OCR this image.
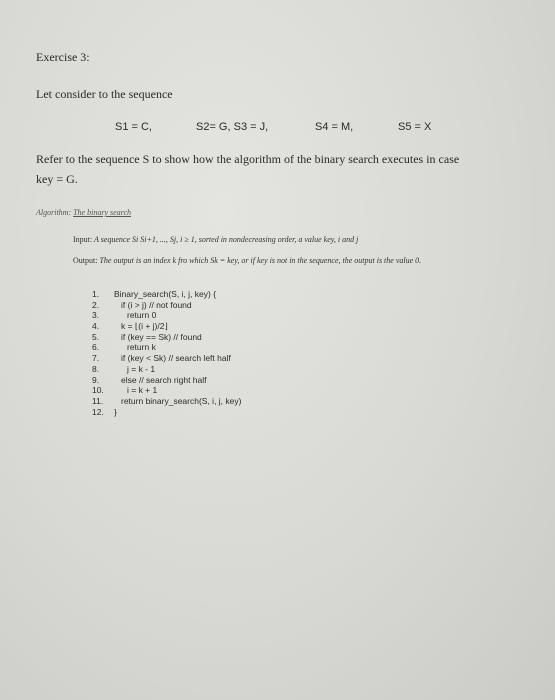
Exercise 3:
Let consider to the sequence
S1 = C,	S2= G, S3 = J,	S4 = M,	S5 = X
Refer to the sequence S to show how the algorithm of the binary search executes in case
key = G.
Algorithm: The binary search
Input: A sequence Si Si+1, ..., Sj, i ≥ 1, sorted in nondecreasing order, a value key, i and j
Output: The output is an index k fro which Sk = key, or if key is not in the sequence, the output is the value 0.
1.	Binary_search(S, i, j, key) {
2.	if (i > j) // not found
3.	return 0
4.	k = ⌊(i + j)/2⌋
5.	if (key == Sk) // found
6.	return k
7.	if (key < Sk) // search left half
8.	j = k - 1
9.	else // search right half
10.	i = k + 1
11.	return binary_search(S, i, j, key)
12.	}
